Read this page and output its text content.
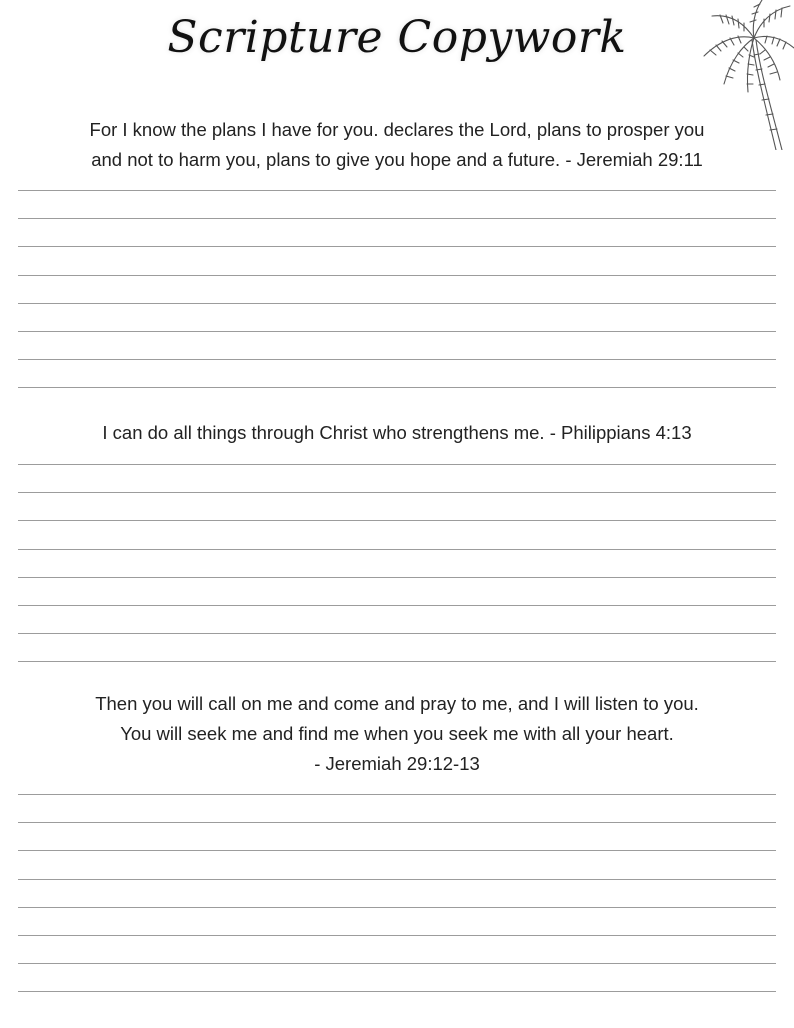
Scripture Copywork
For I know the plans I have for you. declares the Lord, plans to prosper you
and not to harm you, plans to give you hope and a future. - Jeremiah 29:11
I can do all things through Christ who strengthens me. - Philippians 4:13
Then you will call on me and come and pray to me, and I will listen to you.
You will seek me and find me when you seek me with all your heart.
- Jeremiah 29:12-13
